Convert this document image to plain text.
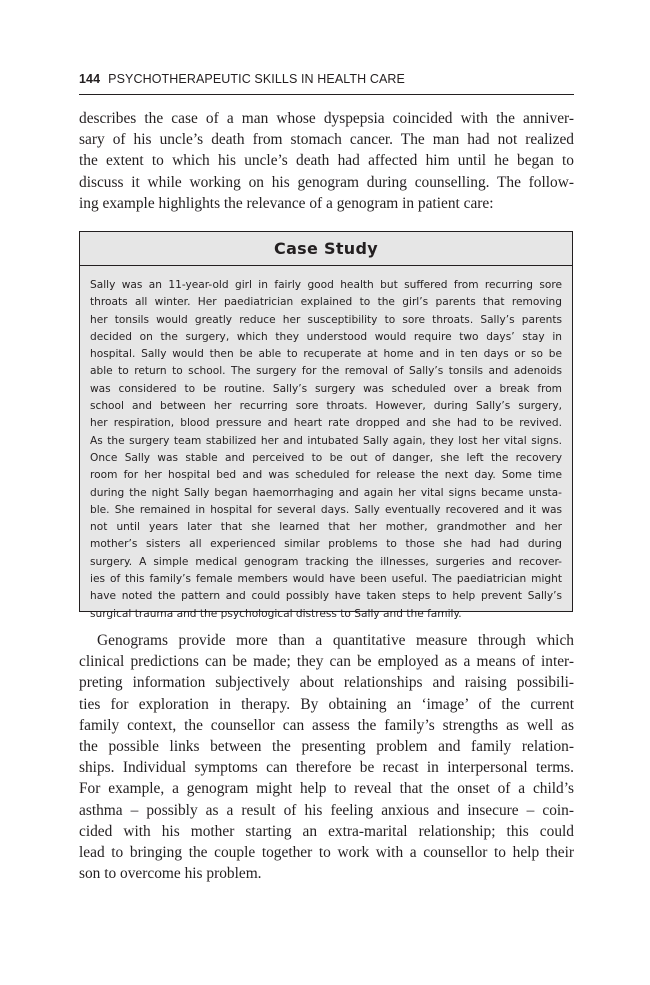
144 PSYCHOTHERAPEUTIC SKILLS IN HEALTH CARE
describes the case of a man whose dyspepsia coincided with the anniver-
sary of his uncle’s death from stomach cancer. The man had not realized
the extent to which his uncle’s death had affected him until he began to
discuss it while working on his genogram during counselling. The follow-
ing example highlights the relevance of a genogram in patient care:
Case Study
Sally was an 11-year-old girl in fairly good health but suffered from recurring sore
throats all winter. Her paediatrician explained to the girl’s parents that removing
her tonsils would greatly reduce her susceptibility to sore throats. Sally’s parents
decided on the surgery, which they understood would require two days’ stay in
hospital. Sally would then be able to recuperate at home and in ten days or so be
able to return to school. The surgery for the removal of Sally’s tonsils and adenoids
was considered to be routine. Sally’s surgery was scheduled over a break from
school and between her recurring sore throats. However, during Sally’s surgery,
her respiration, blood pressure and heart rate dropped and she had to be revived.
As the surgery team stabilized her and intubated Sally again, they lost her vital signs.
Once Sally was stable and perceived to be out of danger, she left the recovery
room for her hospital bed and was scheduled for release the next day. Some time
during the night Sally began haemorrhaging and again her vital signs became unsta-
ble. She remained in hospital for several days. Sally eventually recovered and it was
not until years later that she learned that her mother, grandmother and her
mother’s sisters all experienced similar problems to those she had had during
surgery. A simple medical genogram tracking the illnesses, surgeries and recover-
ies of this family’s female members would have been useful. The paediatrician might
have noted the pattern and could possibly have taken steps to help prevent Sally’s
surgical trauma and the psychological distress to Sally and the family.
Genograms provide more than a quantitative measure through which
clinical predictions can be made; they can be employed as a means of inter-
preting information subjectively about relationships and raising possibili-
ties for exploration in therapy. By obtaining an ‘image’ of the current
family context, the counsellor can assess the family’s strengths as well as
the possible links between the presenting problem and family relation-
ships. Individual symptoms can therefore be recast in interpersonal terms.
For example, a genogram might help to reveal that the onset of a child’s
asthma – possibly as a result of his feeling anxious and insecure – coin-
cided with his mother starting an extra-marital relationship; this could
lead to bringing the couple together to work with a counsellor to help their
son to overcome his problem.
